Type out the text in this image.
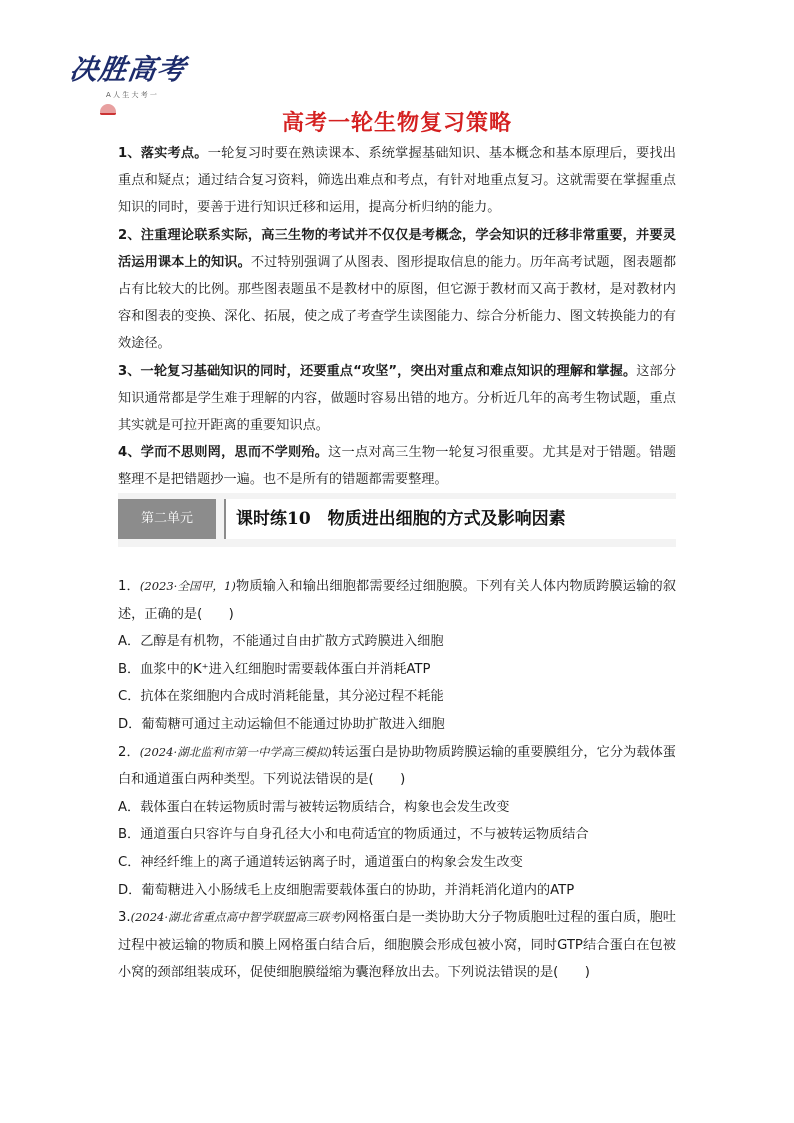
决胜高考
A ⼈ ⽣ ⼤ 考 ⼀
高考一轮生物复习策略

1、落实考点。一轮复习时要在熟读课本、系统掌握基础知识、基本概念和基本原理后，要找出重点和疑点；通过结合复习资料，筛选出难点和考点，有针对地重点复习。这就需要在掌握重点知识的同时，要善于进行知识迁移和运用，提高分析归纳的能力。

2、注重理论联系实际，高三生物的考试并不仅仅是考概念，学会知识的迁移非常重要，并要灵活运用课本上的知识。不过特别强调了从图表、图形提取信息的能力。历年高考试题，图表题都占有比较大的比例。那些图表题虽不是教材中的原图，但它源于教材而又高于教材，是对教材内容和图表的变换、深化、拓展，使之成了考查学生读图能力、综合分析能力、图文转换能力的有效途径。

3、一轮复习基础知识的同时，还要重点“攻坚”，突出对重点和难点知识的理解和掌握。这部分知识通常都是学生难于理解的内容，做题时容易出错的地方。分析近几年的高考生物试题，重点其实就是可拉开距离的重要知识点。

4、学而不思则罔，思而不学则殆。这一点对高三生物一轮复习很重要。尤其是对于错题。错题整理不是把错题抄一遍。也不是所有的错题都需要整理。

第二单元	课时练10　物质进出细胞的方式及影响因素

1．(2023·全国甲，1)物质输入和输出细胞都需要经过细胞膜。下列有关人体内物质跨膜运输的叙述，正确的是(　　)

A．乙醇是有机物，不能通过自由扩散方式跨膜进入细胞

B．血浆中的K⁺进入红细胞时需要载体蛋白并消耗ATP

C．抗体在浆细胞内合成时消耗能量，其分泌过程不耗能

D．葡萄糖可通过主动运输但不能通过协助扩散进入细胞

2．(2024·湖北监利市第一中学高三模拟)转运蛋白是协助物质跨膜运输的重要膜组分，它分为载体蛋白和通道蛋白两种类型。下列说法错误的是(　　)

A．载体蛋白在转运物质时需与被转运物质结合，构象也会发生改变

B．通道蛋白只容许与自身孔径大小和电荷适宜的物质通过，不与被转运物质结合

C．神经纤维上的离子通道转运钠离子时，通道蛋白的构象会发生改变

D．葡萄糖进入小肠绒毛上皮细胞需要载体蛋白的协助，并消耗消化道内的ATP

3.(2024·湖北省重点高中智学联盟高三联考)网格蛋白是一类协助大分子物质胞吐过程的蛋白质，胞吐过程中被运输的物质和膜上网格蛋白结合后，细胞膜会形成包被小窝，同时GTP结合蛋白在包被小窝的颈部组装成环，促使细胞膜缢缩为囊泡释放出去。下列说法错误的是(　　)
